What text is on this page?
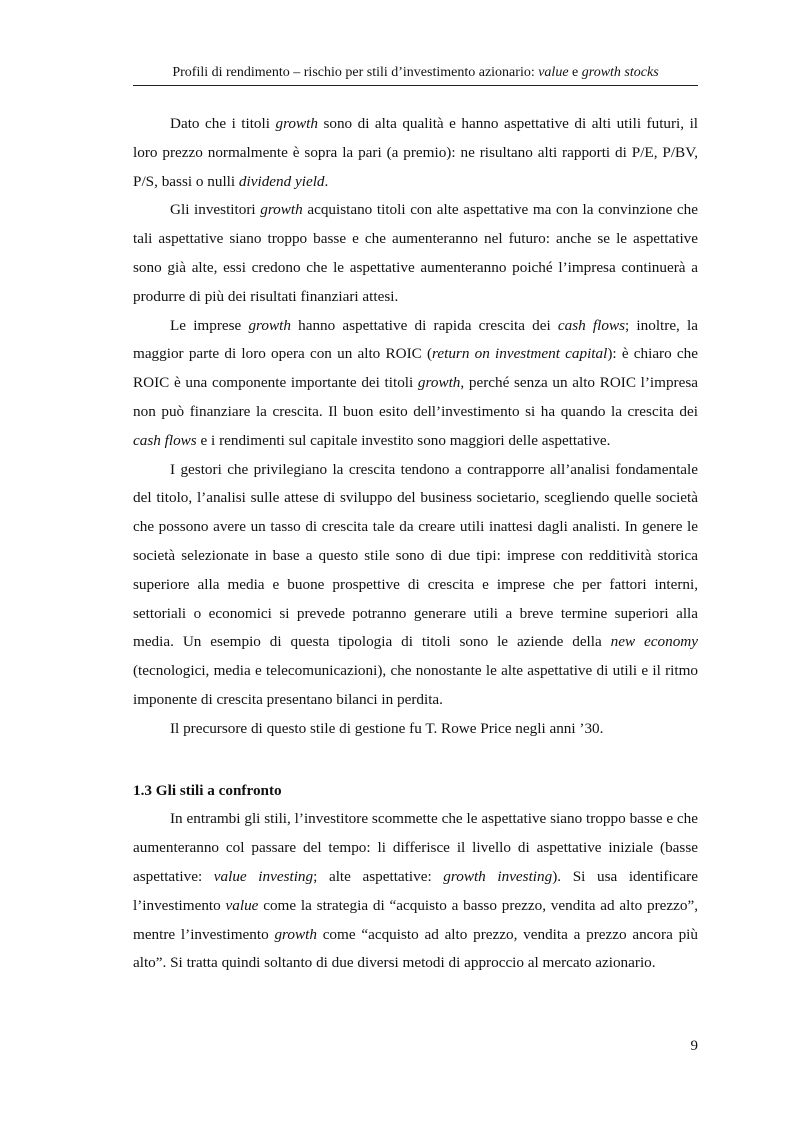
Profili di rendimento – rischio per stili d’investimento azionario: value e growth stocks

Dato che i titoli growth sono di alta qualità e hanno aspettative di alti utili futuri, il loro prezzo normalmente è sopra la pari (a premio): ne risultano alti rapporti di P/E, P/BV, P/S, bassi o nulli dividend yield.

Gli investitori growth acquistano titoli con alte aspettative ma con la convinzione che tali aspettative siano troppo basse e che aumenteranno nel futuro: anche se le aspettative sono già alte, essi credono che le aspettative aumenteranno poiché l’impresa continuerà a produrre di più dei risultati finanziari attesi.

Le imprese growth hanno aspettative di rapida crescita dei cash flows; inoltre, la maggior parte di loro opera con un alto ROIC (return on investment capital): è chiaro che ROIC è una componente importante dei titoli growth, perché senza un alto ROIC l’impresa non può finanziare la crescita. Il buon esito dell’investimento si ha quando la crescita dei cash flows e i rendimenti sul capitale investito sono maggiori delle aspettative.

I gestori che privilegiano la crescita tendono a contrapporre all’analisi fondamentale del titolo, l’analisi sulle attese di sviluppo del business societario, scegliendo quelle società che possono avere un tasso di crescita tale da creare utili inattesi dagli analisti. In genere le società selezionate in base a questo stile sono di due tipi: imprese con redditività storica superiore alla media e buone prospettive di crescita e imprese che per fattori interni, settoriali o economici si prevede potranno generare utili a breve termine superiori alla media. Un esempio di questa tipologia di titoli sono le aziende della new economy (tecnologici, media e telecomunicazioni), che nonostante le alte aspettative di utili e il ritmo imponente di crescita presentano bilanci in perdita.

Il precursore di questo stile di gestione fu T. Rowe Price negli anni ’30.

1.3 Gli stili a confronto

In entrambi gli stili, l’investitore scommette che le aspettative siano troppo basse e che aumenteranno col passare del tempo: li differisce il livello di aspettative iniziale (basse aspettative: value investing; alte aspettative: growth investing). Si usa identificare l’investimento value come la strategia di “acquisto a basso prezzo, vendita ad alto prezzo”, mentre l’investimento growth come “acquisto ad alto prezzo, vendita a prezzo ancora più alto”. Si tratta quindi soltanto di due diversi metodi di approccio al mercato azionario.

9
